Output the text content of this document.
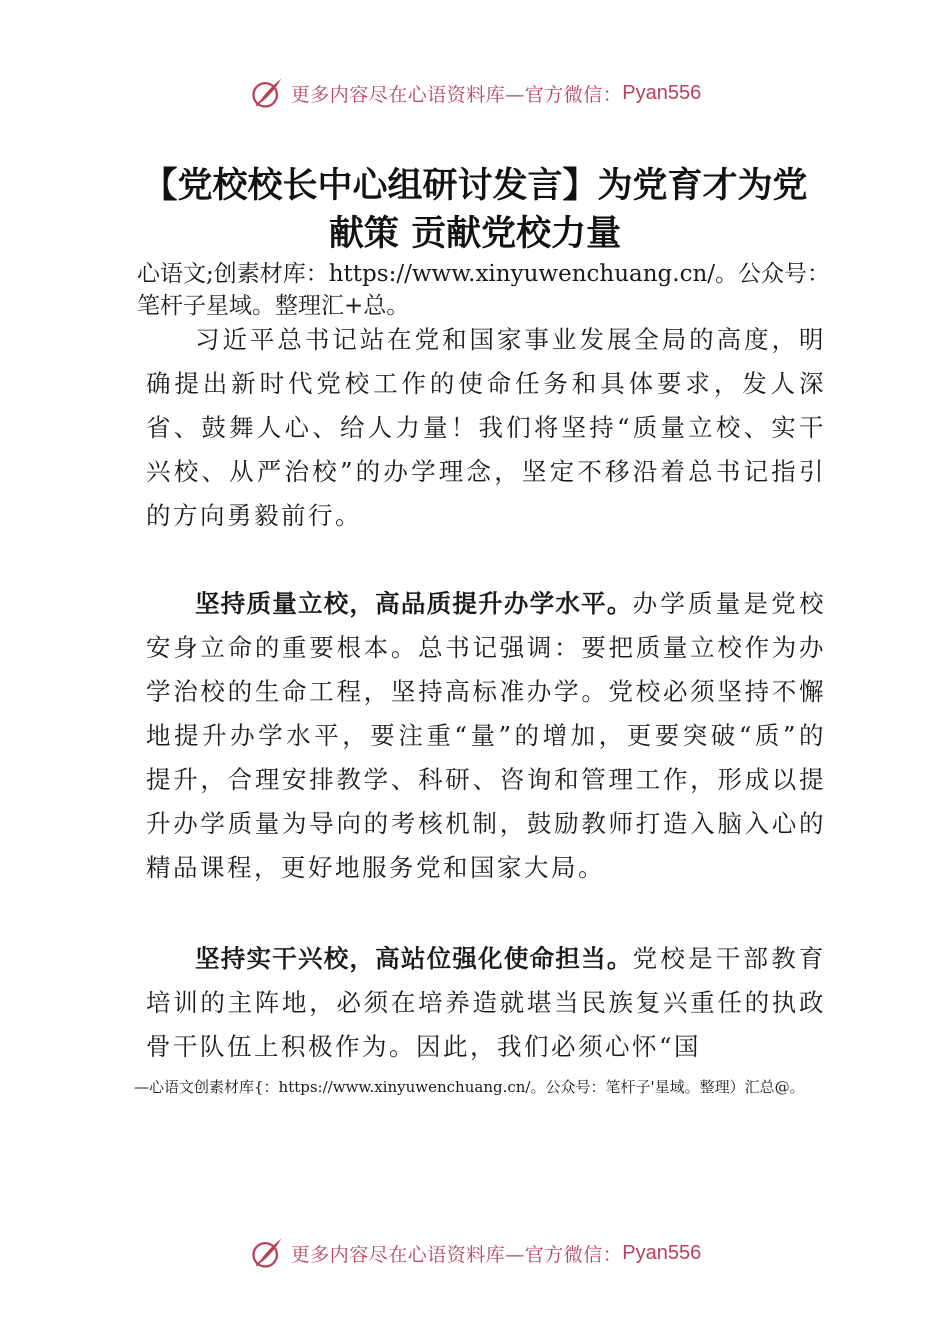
更多内容尽在心语资料库—官方微信： Pyan556
【党校校长中心组研讨发言】为党育才为党献策 贡献党校力量
心语文;创素材库：https://www.xinyuwenchuang.cn/。公众号：笔杆子星域。整理汇+总。

习近平总书记站在党和国家事业发展全局的高度，明确提出新时代党校工作的使命任务和具体要求，发人深省、鼓舞人心、给人力量！我们将坚持“质量立校、实干兴校、从严治校”的办学理念，坚定不移沿着总书记指引的方向勇毅前行。

坚持质量立校，高品质提升办学水平。办学质量是党校安身立命的重要根本。总书记强调：要把质量立校作为办学治校的生命工程，坚持高标准办学。党校必须坚持不懈地提升办学水平，要注重“量”的增加，更要突破“质”的提升，合理安排教学、科研、咨询和管理工作，形成以提升办学质量为导向的考核机制，鼓励教师打造入脑入心的精品课程，更好地服务党和国家大局。

坚持实干兴校，高站位强化使命担当。党校是干部教育培训的主阵地，必须在培养造就堪当民族复兴重任的执政骨干队伍上积极作为。因此，我们必须心怀“国

—心语文创素材库{：https://www.xinyuwenchuang.cn/。公众号：笔杆子'星域。整理）汇总@。
更多内容尽在心语资料库—官方微信： Pyan556
